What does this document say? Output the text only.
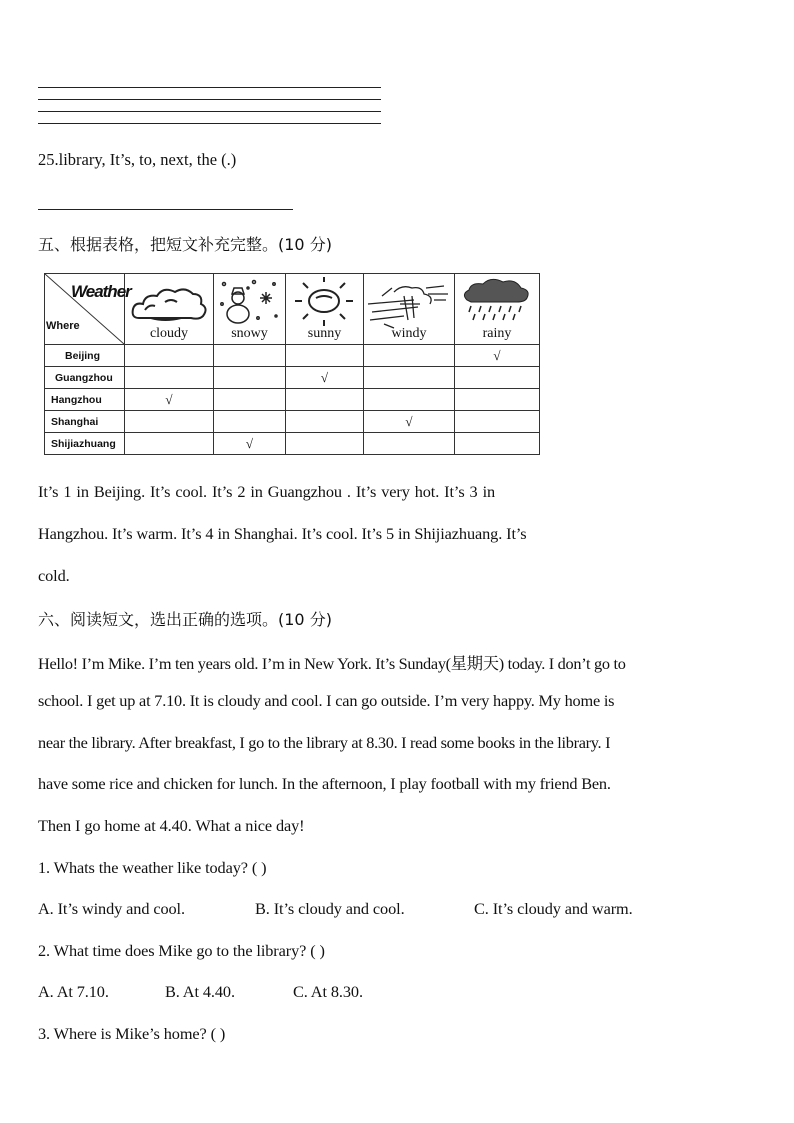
25.library, It’s, to, next, the (.)
五、根据表格，把短文补充完整。(10 分)
Weather
Where	cloudy	snowy	sunny	windy	rainy

Beijing					√
Guangzhou			√		
Hangzhou	√				
Shanghai				√	
Shijiazhuang		√			
It’s 1 in Beijing. It’s cool. It’s 2 in Guangzhou . It’s very hot. It’s 3 in
Hangzhou. It’s warm. It’s 4 in Shanghai. It’s cool. It’s 5 in Shijiazhuang. It’s
cold.
六、阅读短文，选出正确的选项。(10 分)
Hello! I’m Mike. I’m ten years old. I’m in New York. It’s Sunday(星期天) today. I don’t go to
school. I get up at 7.10. It is cloudy and cool. I can go outside. I’m very happy. My home is
near the library. After breakfast, I go to the library at 8.30. I read some books in the library. I
have some rice and chicken for lunch. In the afternoon, I play football with my friend Ben.
Then I go home at 4.40. What a nice day!
1. Whats the weather like today? ( )
A. It’s windy and cool.	B. It’s cloudy and cool.	C. It’s cloudy and warm.
2. What time does Mike go to the library? ( )
A. At 7.10.	B. At 4.40.	C. At 8.30.
3. Where is Mike’s home? ( )
